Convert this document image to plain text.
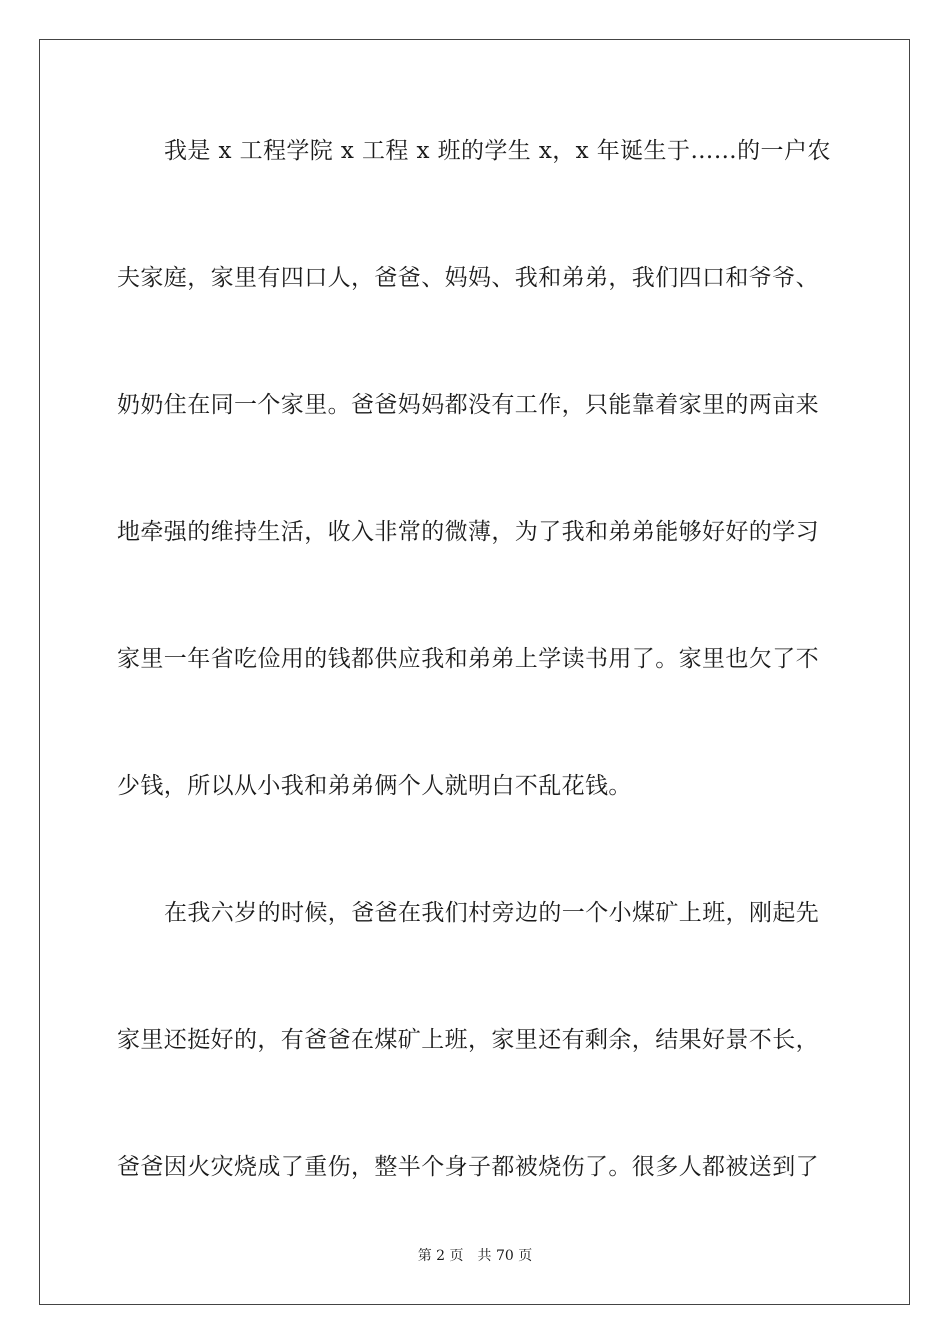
我是 x 工程学院 x 工程 x 班的学生 x，x 年诞生于……的一户农
夫家庭，家里有四口人，爸爸、妈妈、我和弟弟，我们四口和爷爷、
奶奶住在同一个家里。爸爸妈妈都没有工作，只能靠着家里的两亩来
地牵强的维持生活，收入非常的微薄，为了我和弟弟能够好好的学习
家里一年省吃俭用的钱都供应我和弟弟上学读书用了。家里也欠了不
少钱，所以从小我和弟弟俩个人就明白不乱花钱。
在我六岁的时候，爸爸在我们村旁边的一个小煤矿上班，刚起先
家里还挺好的，有爸爸在煤矿上班，家里还有剩余，结果好景不长，
爸爸因火灾烧成了重伤，整半个身子都被烧伤了。很多人都被送到了
第 2 页 共 70 页
